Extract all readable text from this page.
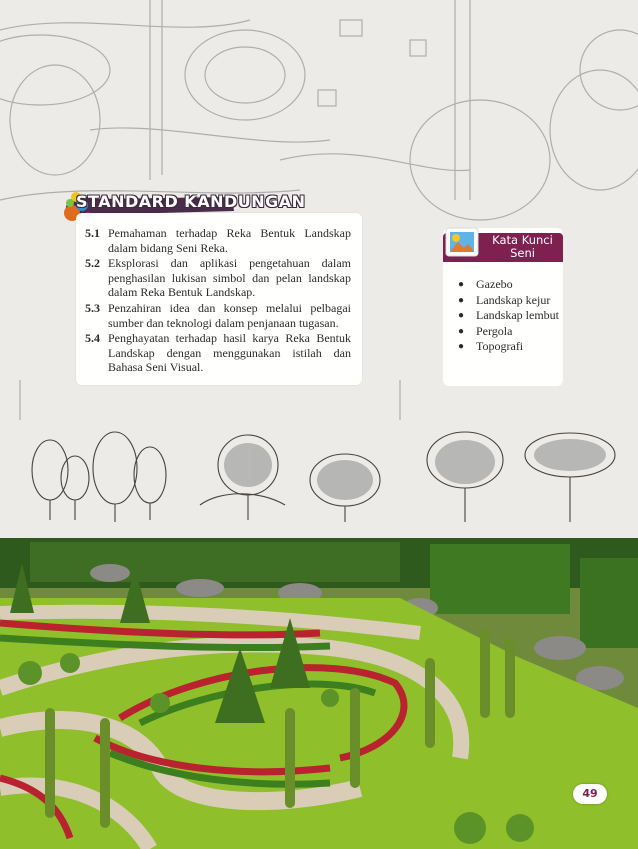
STANDARD KANDUNGAN
5.1 Pemahaman terhadap Reka Bentuk Landskap dalam bidang Seni Reka.
5.2 Eksplorasi dan aplikasi pengetahuan dalam penghasilan lukisan simbol dan pelan landskap dalam Reka Bentuk Landskap.
5.3 Penzahiran idea dan konsep melalui pelbagai sumber dan teknologi dalam penjanaan tugasan.
5.4 Penghayatan terhadap hasil karya Reka Bentuk Landskap dengan menggunakan istilah dan Bahasa Seni Visual.
Kata Kunci Seni
● Gazebo
● Landskap kejur
● Landskap lembut
● Pergola
● Topografi
49
